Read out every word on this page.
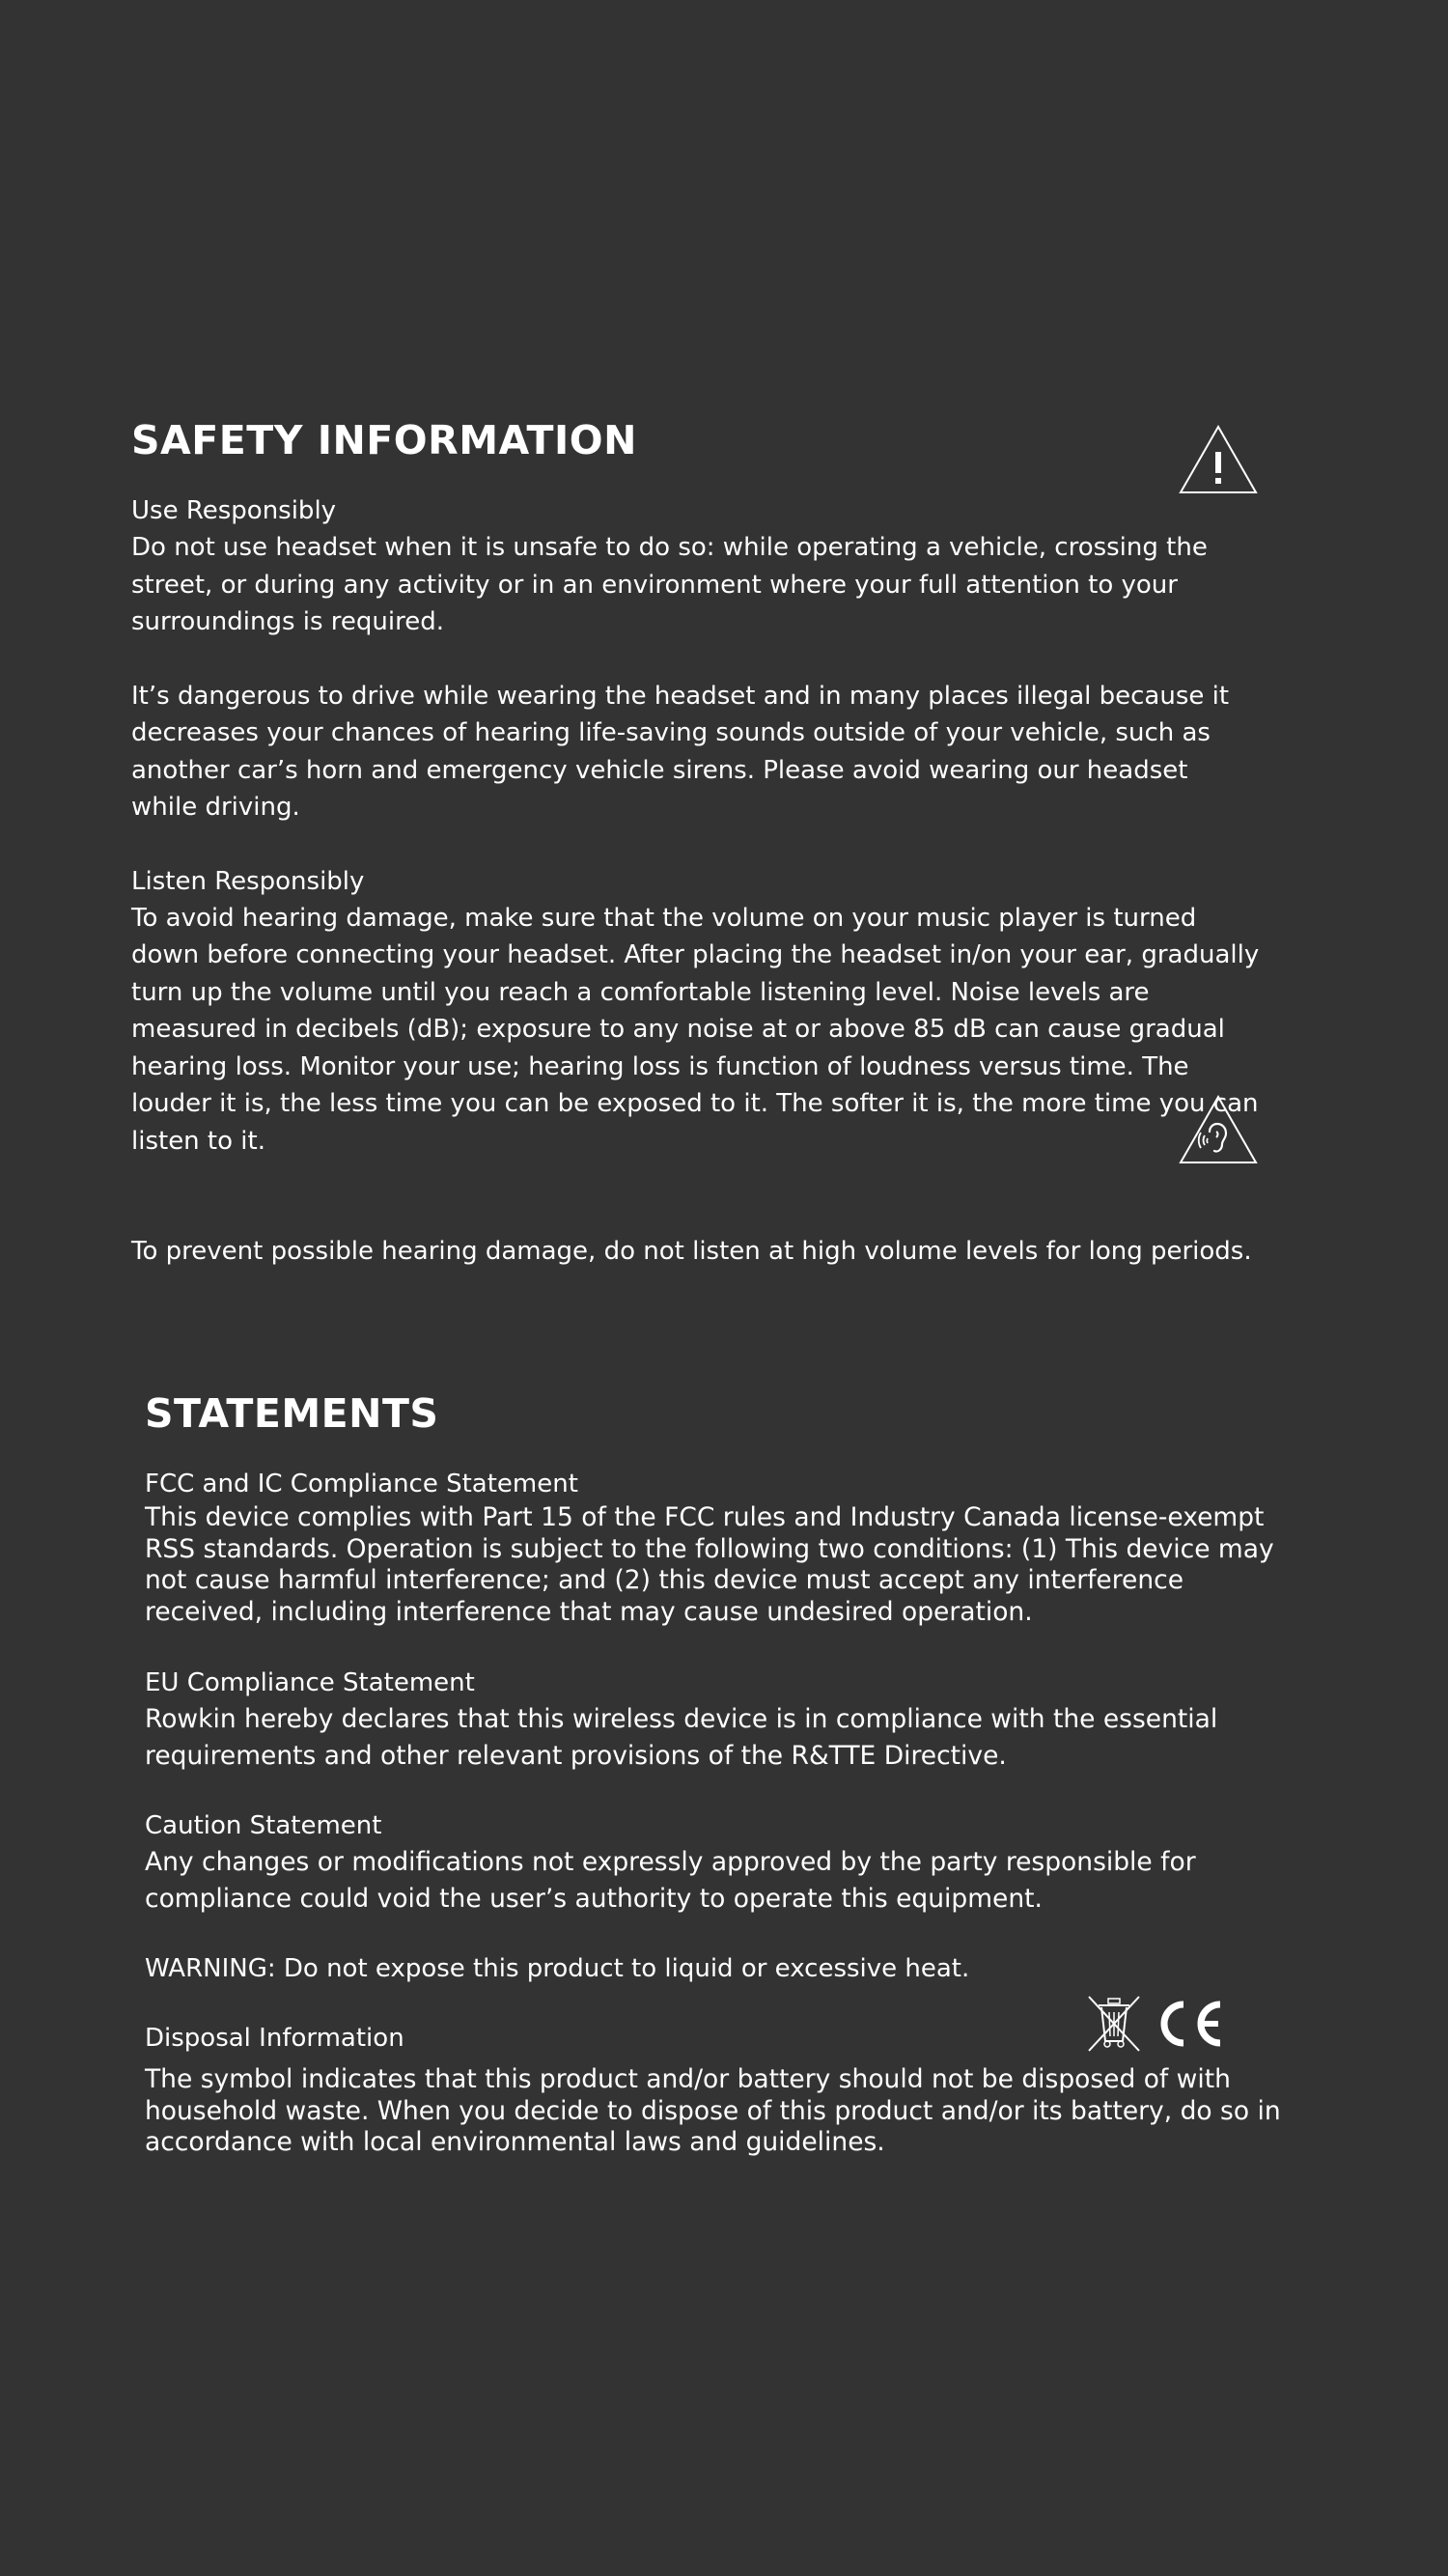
SAFETY INFORMATION

Use Responsibly

Do not use headset when it is unsafe to do so: while operating a vehicle, crossing the street, or during any activity or in an environment where your full attention to your surroundings is required.

It’s dangerous to drive while wearing the headset and in many places illegal because it decreases your chances of hearing life-saving sounds outside of your vehicle, such as another car’s horn and emergency vehicle sirens. Please avoid wearing our headset while driving.

Listen Responsibly

To avoid hearing damage, make sure that the volume on your music player is turned down before connecting your headset. After placing the headset in/on your ear, gradually turn up the volume until you reach a comfortable listening level. Noise levels are measured in decibels (dB); exposure to any noise at or above 85 dB can cause gradual hearing loss. Monitor your use; hearing loss is function of loudness versus time. The louder it is, the less time you can be exposed to it. The softer it is, the more time you can listen to it.

To prevent possible hearing damage, do not listen at high volume levels for long periods.

STATEMENTS

FCC and IC Compliance Statement

This device complies with Part 15 of the FCC rules and Industry Canada license-exempt RSS standards. Operation is subject to the following two conditions: (1) This device may not cause harmful interference; and (2) this device must accept any interference received, including interference that may cause undesired operation.

EU Compliance Statement

Rowkin hereby declares that this wireless device is in compliance with the essential requirements and other relevant provisions of the R&TTE Directive.

Caution Statement

Any changes or modifications not expressly approved by the party responsible for compliance could void the user’s authority to operate this equipment.

WARNING: Do not expose this product to liquid or excessive heat.

Disposal Information

The symbol indicates that this product and/or battery should not be disposed of with household waste. When you decide to dispose of this product and/or its battery, do so in accordance with local environmental laws and guidelines.
